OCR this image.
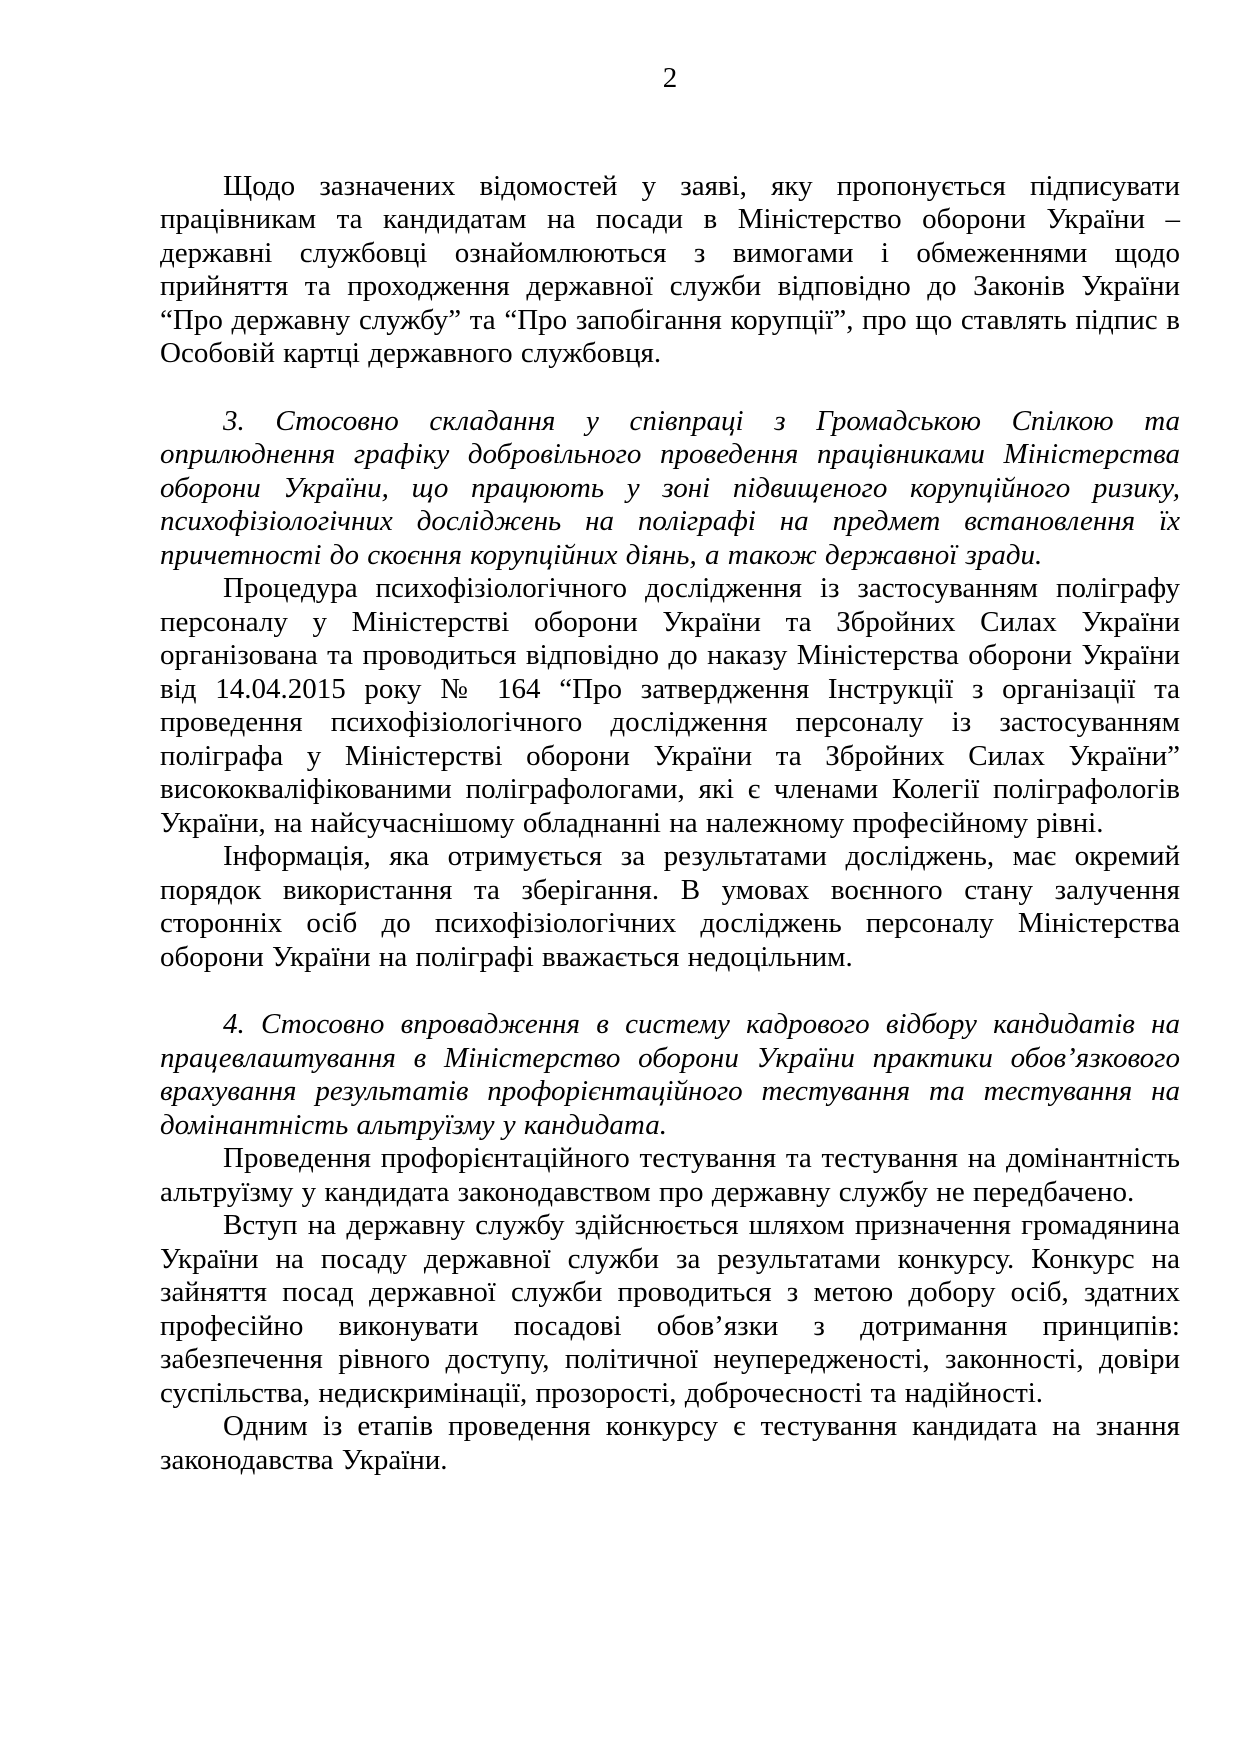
2

Щодо зазначених відомостей у заяві, яку пропонується підписувати працівникам та кандидатам на посади в Міністерство оборони України – державні службовці ознайомлюються з вимогами і обмеженнями щодо прийняття та проходження державної служби відповідно до Законів України “Про державну службу” та “Про запобігання корупції”, про що ставлять підпис в Особовій картці державного службовця.

3. Стосовно складання у співпраці з Громадською Спілкою та оприлюднення графіку добровільного проведення працівниками Міністерства оборони України, що працюють у зоні підвищеного корупційного ризику, психофізіологічних досліджень на поліграфі на предмет встановлення їх причетності до скоєння корупційних діянь, а також державної зради.

Процедура психофізіологічного дослідження із застосуванням поліграфу персоналу у Міністерстві оборони України та Збройних Силах України організована та проводиться відповідно до наказу Міністерства оборони України від 14.04.2015 року № 164 “Про затвердження Інструкції з організації та проведення психофізіологічного дослідження персоналу із застосуванням поліграфа у Міністерстві оборони України та Збройних Силах України” висококваліфікованими поліграфологами, які є членами Колегії поліграфологів України, на найсучаснішому обладнанні на належному професійному рівні.

Інформація, яка отримується за результатами досліджень, має окремий порядок використання та зберігання. В умовах воєнного стану залучення сторонніх осіб до психофізіологічних досліджень персоналу Міністерства оборони України на поліграфі вважається недоцільним.

4. Стосовно впровадження в систему кадрового відбору кандидатів на працевлаштування в Міністерство оборони України практики обов’язкового врахування результатів профорієнтаційного тестування та тестування на домінантність альтруїзму у кандидата.

Проведення профорієнтаційного тестування та тестування на домінантність альтруїзму у кандидата законодавством про державну службу не передбачено.

Вступ на державну службу здійснюється шляхом призначення громадянина України на посаду державної служби за результатами конкурсу. Конкурс на зайняття посад державної служби проводиться з метою добору осіб, здатних професійно виконувати посадові обов’язки з дотримання принципів: забезпечення рівного доступу, політичної неупередженості, законності, довіри суспільства, недискримінації, прозорості, доброчесності та надійності.

Одним із етапів проведення конкурсу є тестування кандидата на знання законодавства України.
